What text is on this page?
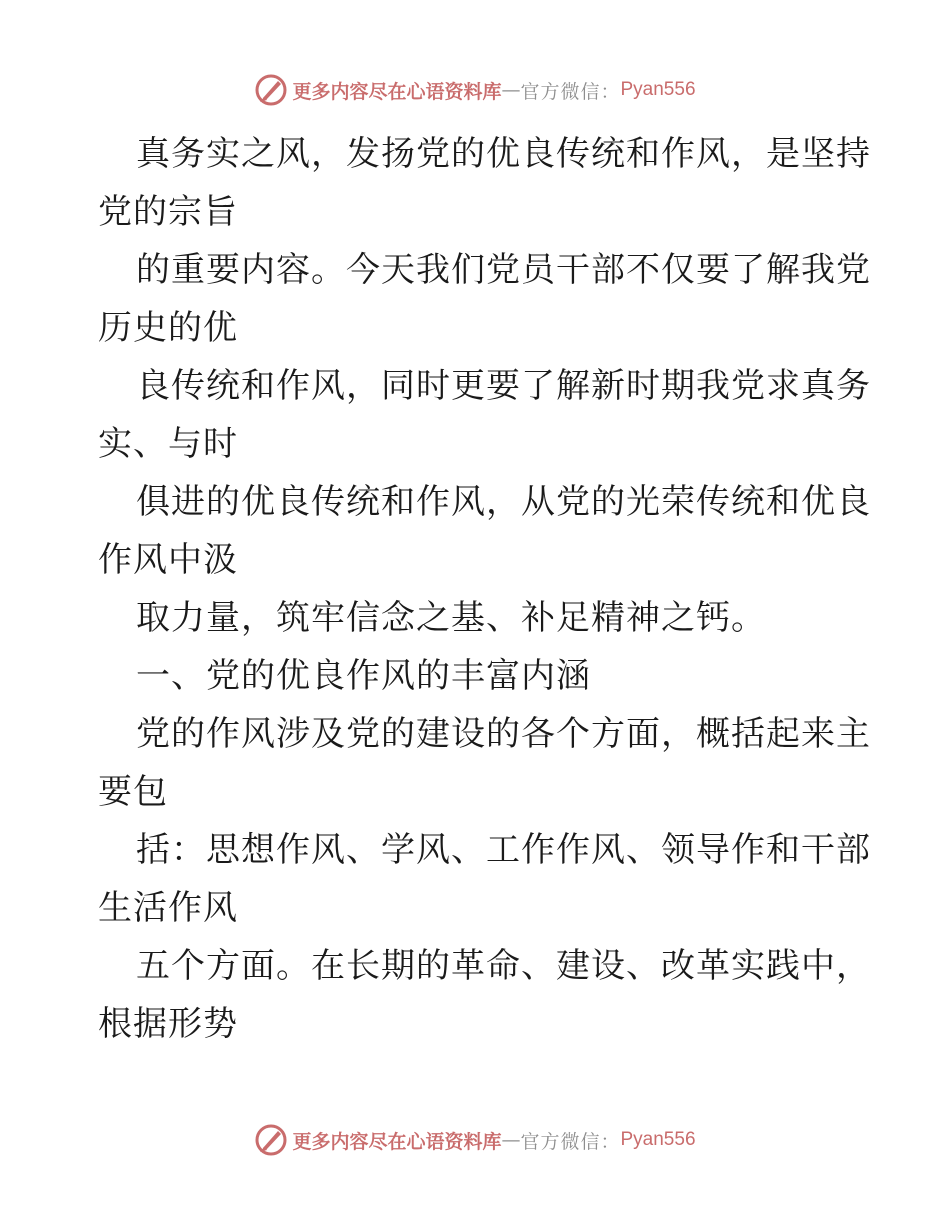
更多内容尽在心语资料库 — 官方微信： Pyan556
真务实之风，发扬党的优良传统和作风，是坚持
党的宗旨
的重要内容。今天我们党员干部不仅要了解我党
历史的优
良传统和作风，同时更要了解新时期我党求真务
实、与时
俱进的优良传统和作风，从党的光荣传统和优良
作风中汲
取力量，筑牢信念之基、补足精神之钙。
一、党的优良作风的丰富内涵
党的作风涉及党的建设的各个方面，概括起来主
要包
括：思想作风、学风、工作作风、领导作和干部
生活作风
五个方面。在长期的革命、建设、改革实践中，
根据形势
更多内容尽在心语资料库 — 官方微信： Pyan556
